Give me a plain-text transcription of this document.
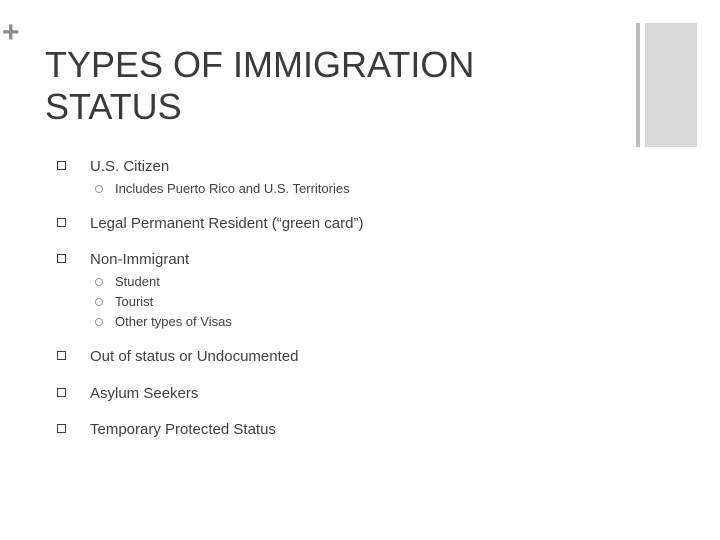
+
TYPES OF IMMIGRATION
STATUS
U.S. Citizen
Includes Puerto Rico and U.S. Territories
Legal Permanent Resident (“green card”)
Non-Immigrant
Student
Tourist
Other types of Visas
Out of status or Undocumented
Asylum Seekers
Temporary Protected Status
